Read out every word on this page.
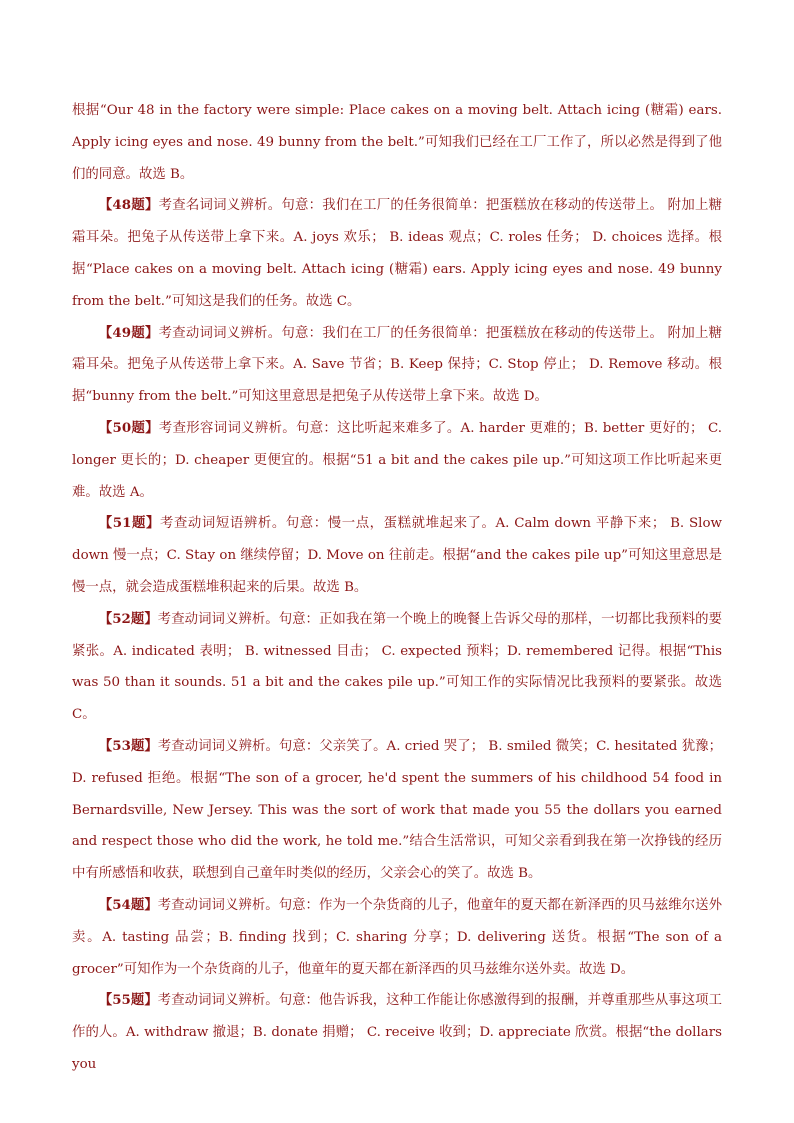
根据“Our 48 in the factory were simple: Place cakes on a moving belt. Attach icing (糖霜) ears. Apply icing eyes and nose. 49 bunny from the belt.”可知我们已经在工厂工作了，所以必然是得到了他们的同意。故选 B。

【48题】考查名词词义辨析。句意：我们在工厂的任务很简单：把蛋糕放在移动的传送带上。 附加上糖霜耳朵。把兔子从传送带上拿下来。A. joys 欢乐； B. ideas 观点；C. roles 任务； D. choices 选择。根据“Place cakes on a moving belt. Attach icing (糖霜) ears. Apply icing eyes and nose. 49 bunny from the belt.”可知这是我们的任务。故选 C。

【49题】考查动词词义辨析。句意：我们在工厂的任务很简单：把蛋糕放在移动的传送带上。 附加上糖霜耳朵。把兔子从传送带上拿下来。A. Save 节省；B. Keep 保持；C. Stop 停止； D. Remove 移动。根据“bunny from the belt.”可知这里意思是把兔子从传送带上拿下来。故选 D。

【50题】考查形容词词义辨析。句意：这比听起来难多了。A. harder 更难的；B. better 更好的； C. longer 更长的；D. cheaper 更便宜的。根据“51 a bit and the cakes pile up.”可知这项工作比听起来更难。故选 A。

【51题】考查动词短语辨析。句意：慢一点，蛋糕就堆起来了。A. Calm down 平静下来； B. Slow down 慢一点；C. Stay on 继续停留；D. Move on 往前走。根据“and the cakes pile up”可知这里意思是慢一点，就会造成蛋糕堆积起来的后果。故选 B。

【52题】考查动词词义辨析。句意：正如我在第一个晚上的晚餐上告诉父母的那样，一切都比我预料的要紧张。A. indicated 表明； B. witnessed 目击； C. expected 预料；D. remembered 记得。根据“This was 50 than it sounds. 51 a bit and the cakes pile up.”可知工作的实际情况比我预料的要紧张。故选 C。

【53题】考查动词词义辨析。句意：父亲笑了。A. cried 哭了； B. smiled 微笑；C. hesitated 犹豫；D. refused 拒绝。根据“The son of a grocer, he'd spent the summers of his childhood 54 food in Bernardsville, New Jersey. This was the sort of work that made you 55 the dollars you earned and respect those who did the work, he told me.”结合生活常识，可知父亲看到我在第一次挣钱的经历中有所感悟和收获，联想到自己童年时类似的经历，父亲会心的笑了。故选 B。

【54题】考查动词词义辨析。句意：作为一个杂货商的儿子，他童年的夏天都在新泽西的贝马兹维尔送外卖。A. tasting 品尝；B. finding 找到；C. sharing 分享；D. delivering 送货。根据“The son of a grocer”可知作为一个杂货商的儿子，他童年的夏天都在新泽西的贝马兹维尔送外卖。故选 D。

【55题】考查动词词义辨析。句意：他告诉我，这种工作能让你感激得到的报酬，并尊重那些从事这项工作的人。A. withdraw 撤退；B. donate 捐赠； C. receive 收到；D. appreciate 欣赏。根据“the dollars you
